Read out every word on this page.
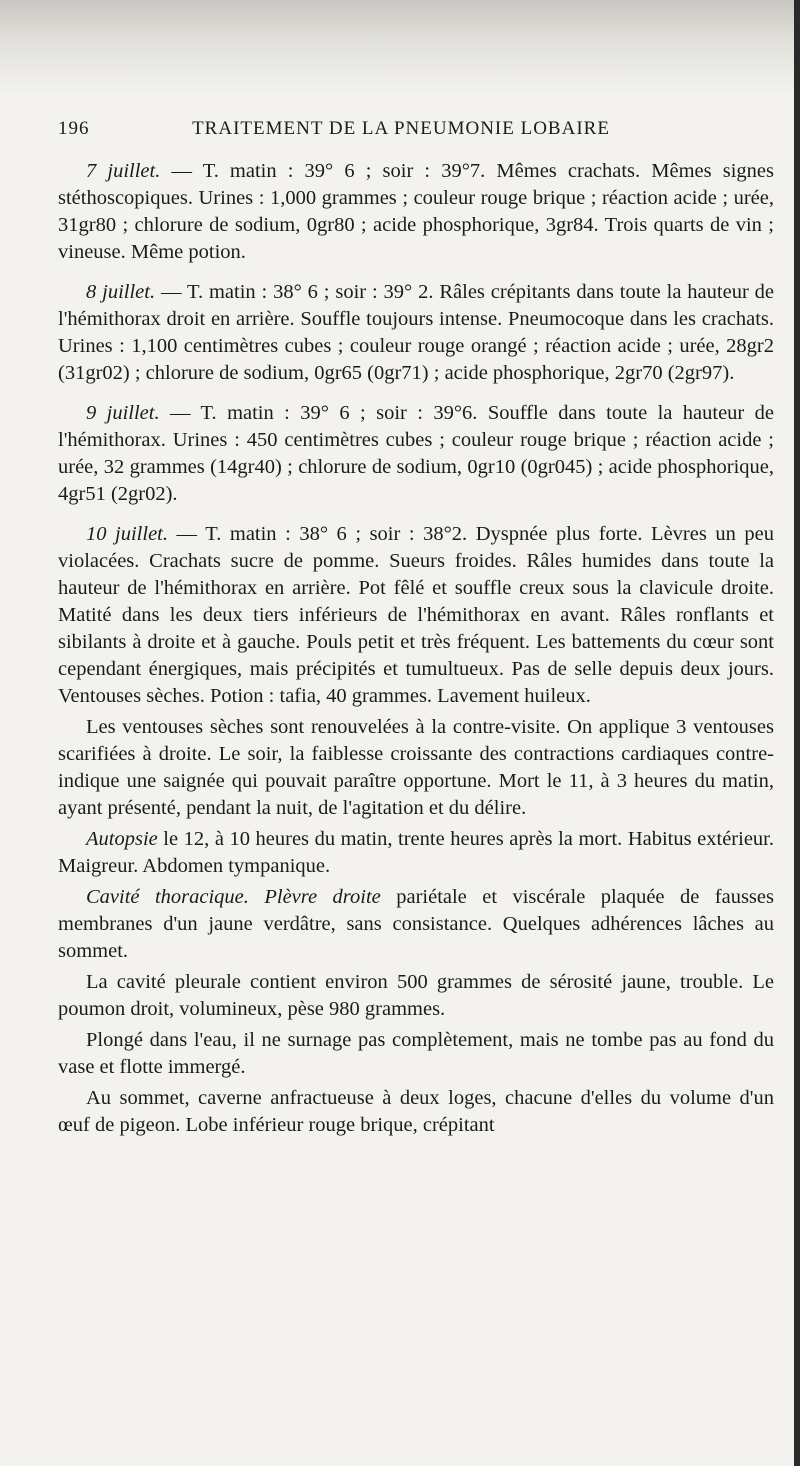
196	TRAITEMENT DE LA PNEUMONIE LOBAIRE

7 juillet. — T. matin : 39° 6 ; soir : 39°7. Mêmes crachats. Mêmes signes stéthoscopiques. Urines : 1,000 grammes ; couleur rouge brique ; réaction acide ; urée, 31gr80 ; chlorure de sodium, 0gr80 ; acide phosphorique, 3gr84. Trois quarts de vin ; vineuse. Même potion.

8 juillet. — T. matin : 38° 6 ; soir : 39° 2. Râles crépitants dans toute la hauteur de l'hémithorax droit en arrière. Souffle toujours intense. Pneumocoque dans les crachats. Urines : 1,100 centimètres cubes ; couleur rouge orangé ; réaction acide ; urée, 28gr2 (31gr02) ; chlorure de sodium, 0gr65 (0gr71) ; acide phosphorique, 2gr70 (2gr97).

9 juillet. — T. matin : 39° 6 ; soir : 39°6. Souffle dans toute la hauteur de l'hémithorax. Urines : 450 centimètres cubes ; couleur rouge brique ; réaction acide ; urée, 32 grammes (14gr40) ; chlorure de sodium, 0gr10 (0gr045) ; acide phosphorique, 4gr51 (2gr02).

10 juillet. — T. matin : 38° 6 ; soir : 38°2. Dyspnée plus forte. Lèvres un peu violacées. Crachats sucre de pomme. Sueurs froides. Râles humides dans toute la hauteur de l'hémithorax en arrière. Pot fêlé et souffle creux sous la clavicule droite. Matité dans les deux tiers inférieurs de l'hémithorax en avant. Râles ronflants et sibilants à droite et à gauche. Pouls petit et très fréquent. Les battements du cœur sont cependant énergiques, mais précipités et tumultueux. Pas de selle depuis deux jours. Ventouses sèches. Potion : tafia, 40 grammes. Lavement huileux.

Les ventouses sèches sont renouvelées à la contre-visite. On applique 3 ventouses scarifiées à droite. Le soir, la faiblesse croissante des contractions cardiaques contre-indique une saignée qui pouvait paraître opportune. Mort le 11, à 3 heures du matin, ayant présenté, pendant la nuit, de l'agitation et du délire.

Autopsie le 12, à 10 heures du matin, trente heures après la mort. Habitus extérieur. Maigreur. Abdomen tympanique.

Cavité thoracique. Plèvre droite pariétale et viscérale plaquée de fausses membranes d'un jaune verdâtre, sans consistance. Quelques adhérences lâches au sommet.

La cavité pleurale contient environ 500 grammes de sérosité jaune, trouble. Le poumon droit, volumineux, pèse 980 grammes.

Plongé dans l'eau, il ne surnage pas complètement, mais ne tombe pas au fond du vase et flotte immergé.

Au sommet, caverne anfractueuse à deux loges, chacune d'elles du volume d'un œuf de pigeon. Lobe inférieur rouge brique, crépitant
